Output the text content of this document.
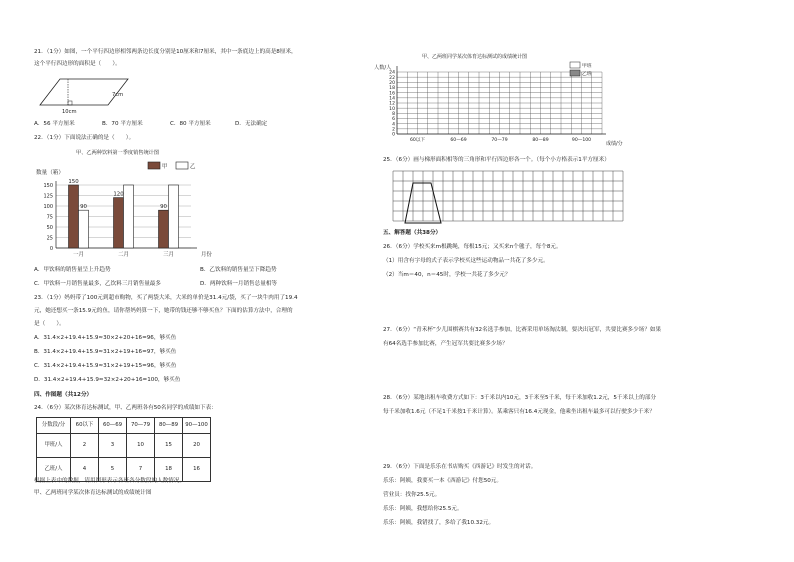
21．（1分）如图，一个平行四边形相邻两条边长度分别是10厘米和7厘米，其中一条底边上的高是8厘米，
这个平行四边形的面积是（　　）。
7cm
10cm
A．56 平方厘米	B．70 平方厘米	C．80 平方厘米	D．无法确定
22．（1分）下面说法正确的是（　　）。
甲、乙两种饮料第一季度销售统计图
数量（箱）
甲	乙
0
25
50
75
100
125
150
150
90
一月
120
二月
90
三月	月份
A．甲饮料的销售量呈上升趋势	B．乙饮料的销售量呈下降趋势
C．甲饮料一月销售量最多，乙饮料三月销售量最多	D．两种饮料一月销售总量相等
23．（1分）妈妈带了100元到超市购物，买了两袋大米，大米的单价是31.4元/袋，买了一块牛肉用了19.4
元，她还想买一条15.9元的鱼，请你帮妈妈算一下，她带的钱还够不够买鱼？下面的估算方法中，合理的
是（　　）。
A．31.4×2+19.4+15.9≈30×2+20+16=96，够买鱼
B．31.4×2+19.4+15.9≈31×2+19+16=97，够买鱼
C．31.4×2+19.4+15.9≈31×2+19+15=96，够买鱼
D．31.4×2+19.4+15.9≈32×2+20+16=100，够买鱼
四、作图题（共12分）
24．（6分）某次体育达标测试，甲、乙两班各有50名同学的成绩如下表：
分数段/分	60以下	60—69	70—79	80—89	90—100
甲班/人	2	3	10	15	20
乙班/人	4	5	7	18	16
根据上表中的数据，请用图形表示各班各分数段的人数情况。
甲、乙两班同学某次体育达标测试的成绩统计图
甲、乙两班同学某次体育达标测试的成绩统计图
人数/人
0
2
4
6
8
10
12
14
16
18
20
22
24
60以下	60—69	70—79	80—89	90—100
甲班
乙班
成绩/分
25．（6分）画与梯形面积相等的三角形和平行四边形各一个。（每个小方格表示1平方厘米）
五、解答题（共38分）
26．（6分）学校买来m根跳绳，每根15元；又买来n个毽子，每个8元。
（1）用含有字母的式子表示学校买这些运动物品一共花了多少元。
（2）当m＝40，n＝45时，学校一共花了多少元？
27．（6分）“青禾杯”少儿围棋赛共有32名选手参加，比赛采用单场淘汰制，要决出冠军，共要比赛多少场？如果
有64名选手参加比赛，产生冠军共要比赛多少场？
28．（6分）某地出租车收费方式如下：3千米以内10元，3千米至5千米，每千米加收1.2元，5千米以上的部分
每千米加收1.6元（不足1千米按1千米计算）。某乘客只有16.4元现金，他乘坐出租车最多可以行驶多少千米？
29．（6分）下面是乐乐在书店购买《西游记》时发生的对话。
乐乐：阿姨，我要买一本《西游记》付您50元。
营业员：找你25.5元。
乐乐：阿姨，我想给你25.5元。
乐乐：阿姨，我错找了，多给了我10.32元。
